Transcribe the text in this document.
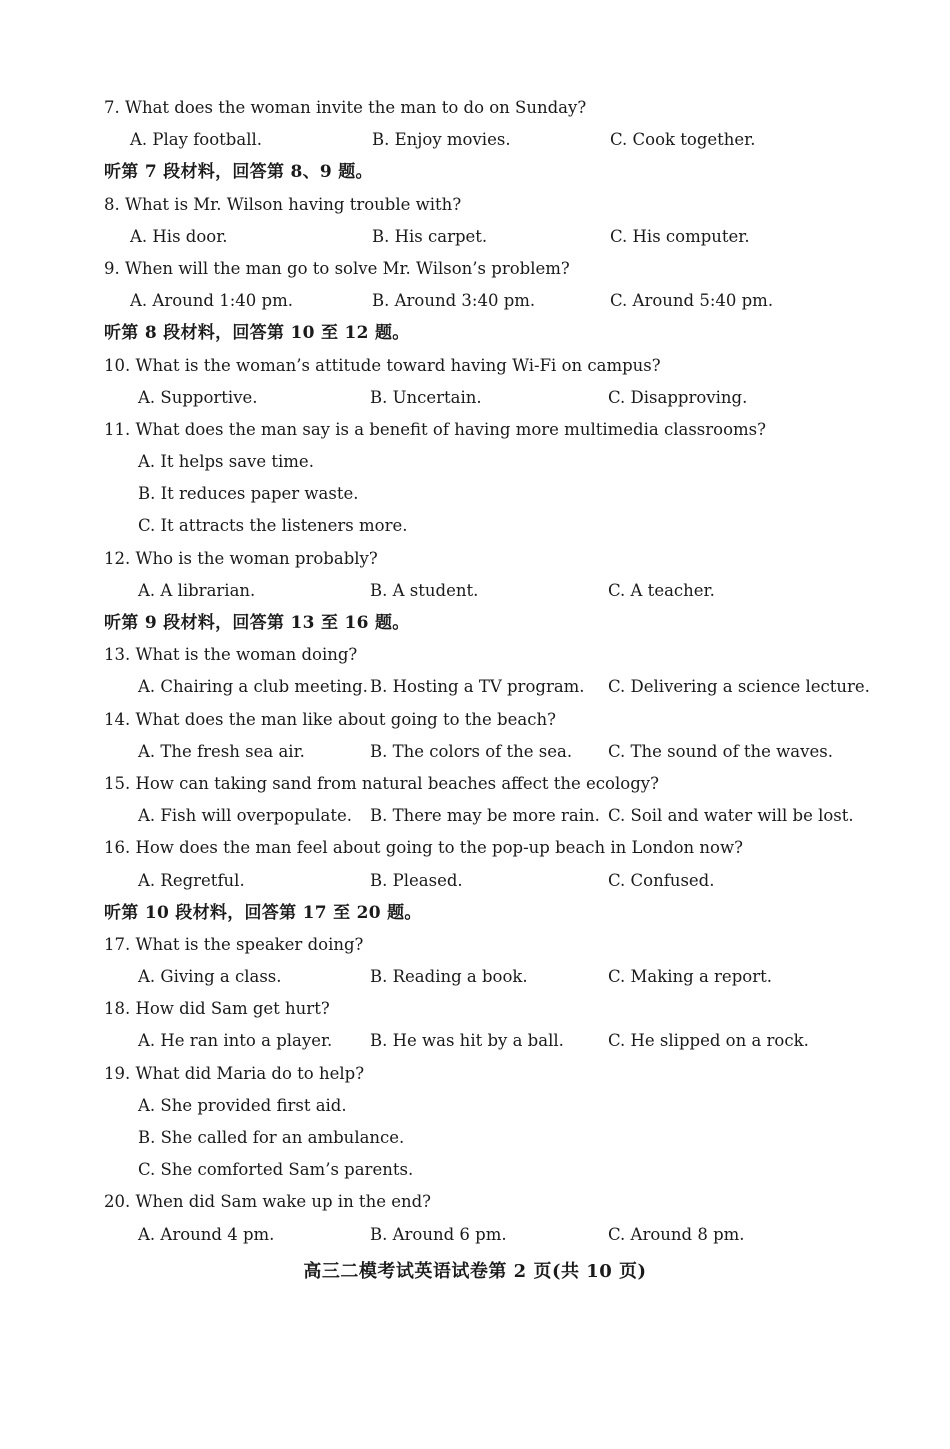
7. What does the woman invite the man to do on Sunday?
A. Play football.	B. Enjoy movies.	C. Cook together.
听第 7 段材料，回答第 8、9 题。
8. What is Mr. Wilson having trouble with?
A. His door.	B. His carpet.	C. His computer.
9. When will the man go to solve Mr. Wilson’s problem?
A. Around 1:40 pm.	B. Around 3:40 pm.	C. Around 5:40 pm.
听第 8 段材料，回答第 10 至 12 题。
10. What is the woman’s attitude toward having Wi-Fi on campus?
A. Supportive.	B. Uncertain.	C. Disapproving.
11. What does the man say is a benefit of having more multimedia classrooms?
A. It helps save time.
B. It reduces paper waste.
C. It attracts the listeners more.
12. Who is the woman probably?
A. A librarian.	B. A student.	C. A teacher.
听第 9 段材料，回答第 13 至 16 题。
13. What is the woman doing?
A. Chairing a club meeting. B. Hosting a TV program. C. Delivering a science lecture.
14. What does the man like about going to the beach?
A. The fresh sea air.	B. The colors of the sea. C. The sound of the waves.
15. How can taking sand from natural beaches affect the ecology?
A. Fish will overpopulate. B. There may be more rain. C. Soil and water will be lost.
16. How does the man feel about going to the pop-up beach in London now?
A. Regretful.	B. Pleased.	C. Confused.
听第 10 段材料，回答第 17 至 20 题。
17. What is the speaker doing?
A. Giving a class.	B. Reading a book.	C. Making a report.
18. How did Sam get hurt?
A. He ran into a player. B. He was hit by a ball.	C. He slipped on a rock.
19. What did Maria do to help?
A. She provided first aid.
B. She called for an ambulance.
C. She comforted Sam’s parents.
20. When did Sam wake up in the end?
A. Around 4 pm.	B. Around 6 pm.	C. Around 8 pm.
高三二模考试英语试卷第 2 页(共 10 页)
